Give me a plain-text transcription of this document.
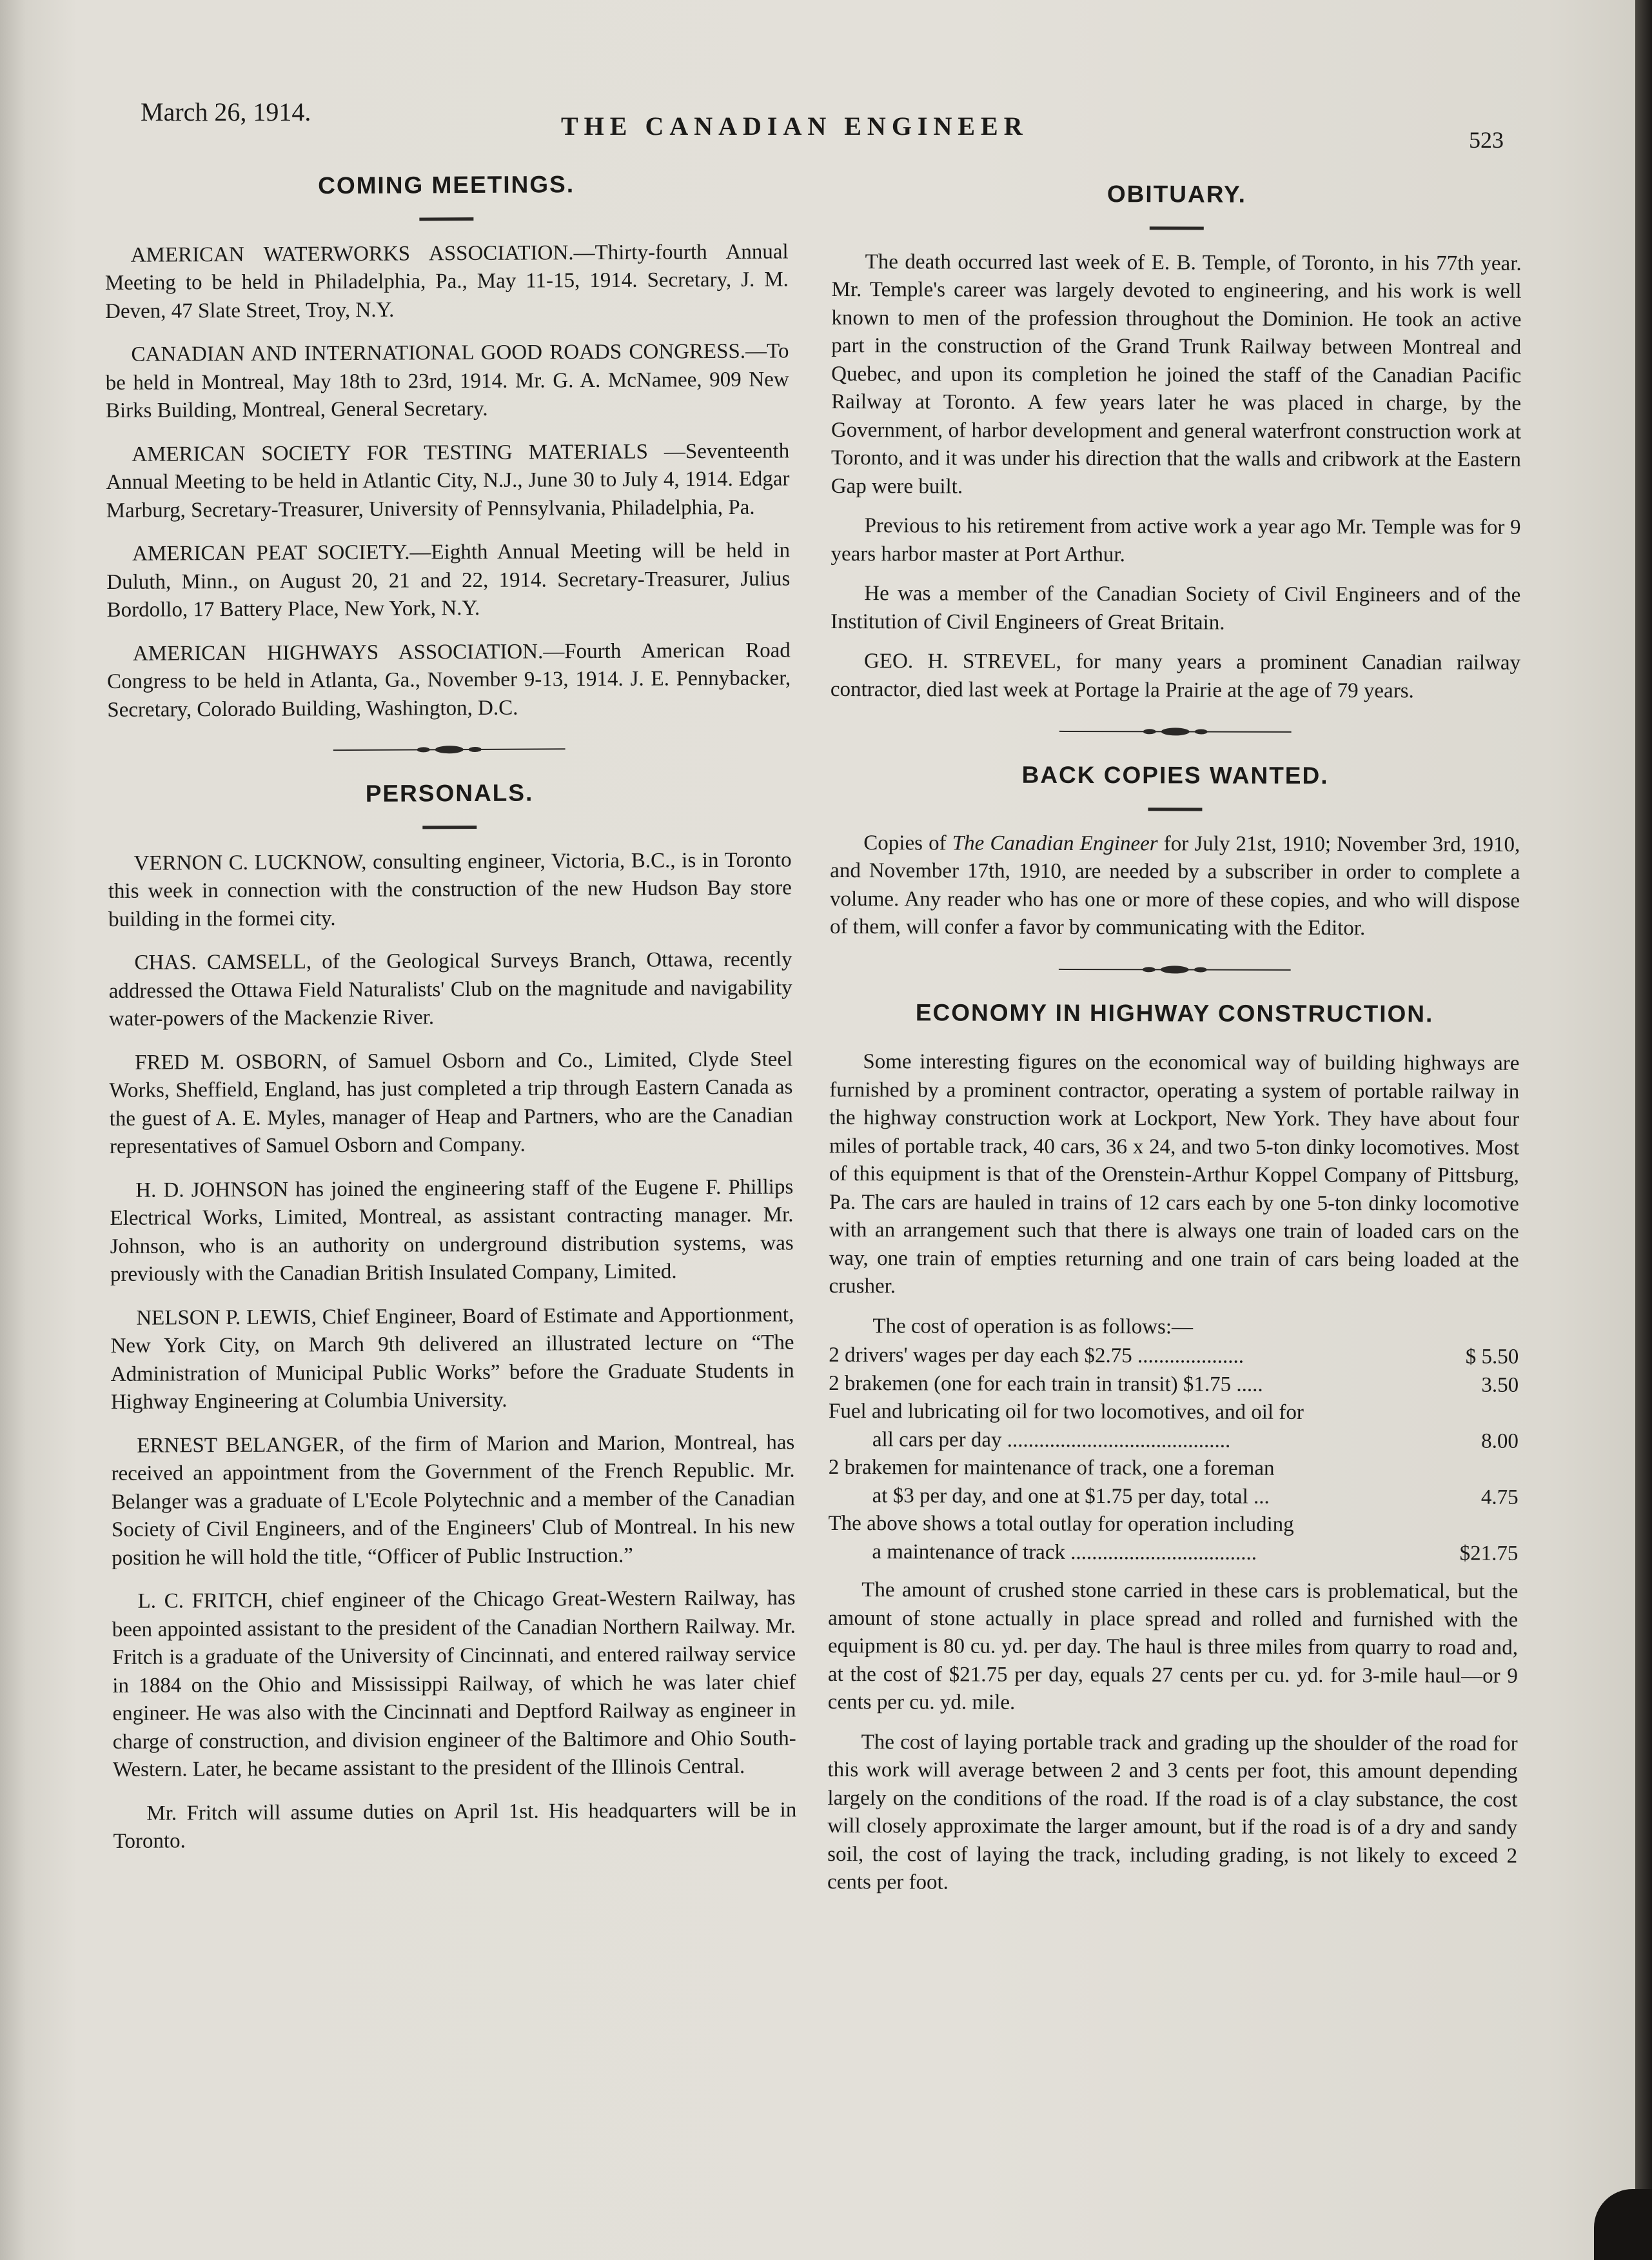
March 26, 1914.	THE CANADIAN ENGINEER	523
COMING MEETINGS.

AMERICAN WATERWORKS ASSOCIATION.—Thirty-fourth Annual Meeting to be held in Philadelphia, Pa., May 11-15, 1914. Secretary, J. M. Deven, 47 Slate Street, Troy, N.Y.

CANADIAN AND INTERNATIONAL GOOD ROADS CONGRESS.—To be held in Montreal, May 18th to 23rd, 1914. Mr. G. A. McNamee, 909 New Birks Building, Montreal, General Secretary.

AMERICAN SOCIETY FOR TESTING MATERIALS —Seventeenth Annual Meeting to be held in Atlantic City, N.J., June 30 to July 4, 1914. Edgar Marburg, Secretary-Treasurer, University of Pennsylvania, Philadelphia, Pa.

AMERICAN PEAT SOCIETY.—Eighth Annual Meeting will be held in Duluth, Minn., on August 20, 21 and 22, 1914. Secretary-Treasurer, Julius Bordollo, 17 Battery Place, New York, N.Y.

AMERICAN HIGHWAYS ASSOCIATION.—Fourth American Road Congress to be held in Atlanta, Ga., November 9-13, 1914. J. E. Pennybacker, Secretary, Colorado Building, Washington, D.C.

PERSONALS.

VERNON C. LUCKNOW, consulting engineer, Victoria, B.C., is in Toronto this week in connection with the construction of the new Hudson Bay store building in the formei city.

CHAS. CAMSELL, of the Geological Surveys Branch, Ottawa, recently addressed the Ottawa Field Naturalists' Club on the magnitude and navigability water-powers of the Mackenzie River.

FRED M. OSBORN, of Samuel Osborn and Co., Limited, Clyde Steel Works, Sheffield, England, has just completed a trip through Eastern Canada as the guest of A. E. Myles, manager of Heap and Partners, who are the Canadian representatives of Samuel Osborn and Company.

H. D. JOHNSON has joined the engineering staff of the Eugene F. Phillips Electrical Works, Limited, Montreal, as assistant contracting manager. Mr. Johnson, who is an authority on underground distribution systems, was previously with the Canadian British Insulated Company, Limited.

NELSON P. LEWIS, Chief Engineer, Board of Estimate and Apportionment, New York City, on March 9th delivered an illustrated lecture on “The Administration of Municipal Public Works” before the Graduate Students in Highway Engineering at Columbia University.

ERNEST BELANGER, of the firm of Marion and Marion, Montreal, has received an appointment from the Government of the French Republic. Mr. Belanger was a graduate of L'Ecole Polytechnic and a member of the Canadian Society of Civil Engineers, and of the Engineers' Club of Montreal. In his new position he will hold the title, “Officer of Public Instruction.”

L. C. FRITCH, chief engineer of the Chicago Great-Western Railway, has been appointed assistant to the president of the Canadian Northern Railway. Mr. Fritch is a graduate of the University of Cincinnati, and entered railway service in 1884 on the Ohio and Mississippi Railway, of which he was later chief engineer. He was also with the Cincinnati and Deptford Railway as engineer in charge of construction, and division engineer of the Baltimore and Ohio South-Western. Later, he became assistant to the president of the Illinois Central.

Mr. Fritch will assume duties on April 1st. His headquarters will be in Toronto.

OBITUARY.

The death occurred last week of E. B. Temple, of Toronto, in his 77th year. Mr. Temple's career was largely devoted to engineering, and his work is well known to men of the profession throughout the Dominion. He took an active part in the construction of the Grand Trunk Railway between Montreal and Quebec, and upon its completion he joined the staff of the Canadian Pacific Railway at Toronto. A few years later he was placed in charge, by the Government, of harbor development and general waterfront construction work at Toronto, and it was under his direction that the walls and cribwork at the Eastern Gap were built.

Previous to his retirement from active work a year ago Mr. Temple was for 9 years harbor master at Port Arthur.

He was a member of the Canadian Society of Civil Engineers and of the Institution of Civil Engineers of Great Britain.

GEO. H. STREVEL, for many years a prominent Canadian railway contractor, died last week at Portage la Prairie at the age of 79 years.

BACK COPIES WANTED.

Copies of The Canadian Engineer for July 21st, 1910; November 3rd, 1910, and November 17th, 1910, are needed by a subscriber in order to complete a volume. Any reader who has one or more of these copies, and who will dispose of them, will confer a favor by communicating with the Editor.

ECONOMY IN HIGHWAY CONSTRUCTION.

Some interesting figures on the economical way of building highways are furnished by a prominent contractor, operating a system of portable railway in the highway construction work at Lockport, New York. They have about four miles of portable track, 40 cars, 36 x 24, and two 5-ton dinky locomotives. Most of this equipment is that of the Orenstein-Arthur Koppel Company of Pittsburg, Pa. The cars are hauled in trains of 12 cars each by one 5-ton dinky locomotive with an arrangement such that there is always one train of loaded cars on the way, one train of empties returning and one train of cars being loaded at the crusher.

The cost of operation is as follows:—

2 drivers' wages per day each $2.75 ....................	$ 5.50
2 brakemen (one for each train in transit) $1.75 .....	3.50
Fuel and lubricating oil for two locomotives, and oil for
all cars per day ..........................................	8.00
2 brakemen for maintenance of track, one a foreman
at $3 per day, and one at $1.75 per day, total ...	4.75
The above shows a total outlay for operation including
a maintenance of track ...................................	$21.75

The amount of crushed stone carried in these cars is problematical, but the amount of stone actually in place spread and rolled and furnished with the equipment is 80 cu. yd. per day. The haul is three miles from quarry to road and, at the cost of $21.75 per day, equals 27 cents per cu. yd. for 3-mile haul—or 9 cents per cu. yd. mile.

The cost of laying portable track and grading up the shoulder of the road for this work will average between 2 and 3 cents per foot, this amount depending largely on the conditions of the road. If the road is of a clay substance, the cost will closely approximate the larger amount, but if the road is of a dry and sandy soil, the cost of laying the track, including grading, is not likely to exceed 2 cents per foot.
